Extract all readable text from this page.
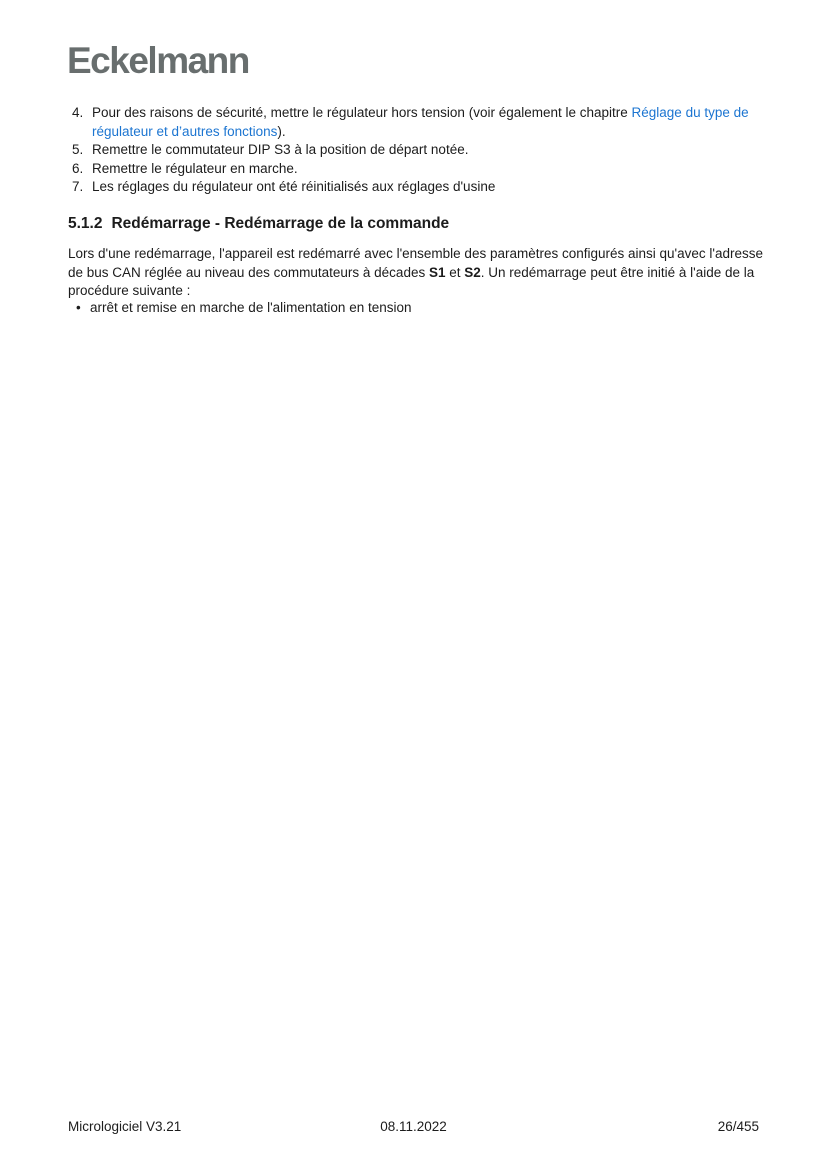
Eckelmann
4. Pour des raisons de sécurité, mettre le régulateur hors tension (voir également le chapitre Réglage du type de régulateur et d’autres fonctions).
5. Remettre le commutateur DIP S3 à la position de départ notée.
6. Remettre le régulateur en marche.
7. Les réglages du régulateur ont été réinitialisés aux réglages d'usine
5.1.2 Redémarrage - Redémarrage de la commande

Lors d'une redémarrage, l'appareil est redémarré avec l'ensemble des paramètres configurés ainsi qu'avec l'adresse de bus CAN réglée au niveau des commutateurs à décades S1 et S2. Un redémarrage peut être initié à l'aide de la procédure suivante :

• arrêt et remise en marche de l'alimentation en tension
Micrologiciel V3.21	08.11.2022	26/455
